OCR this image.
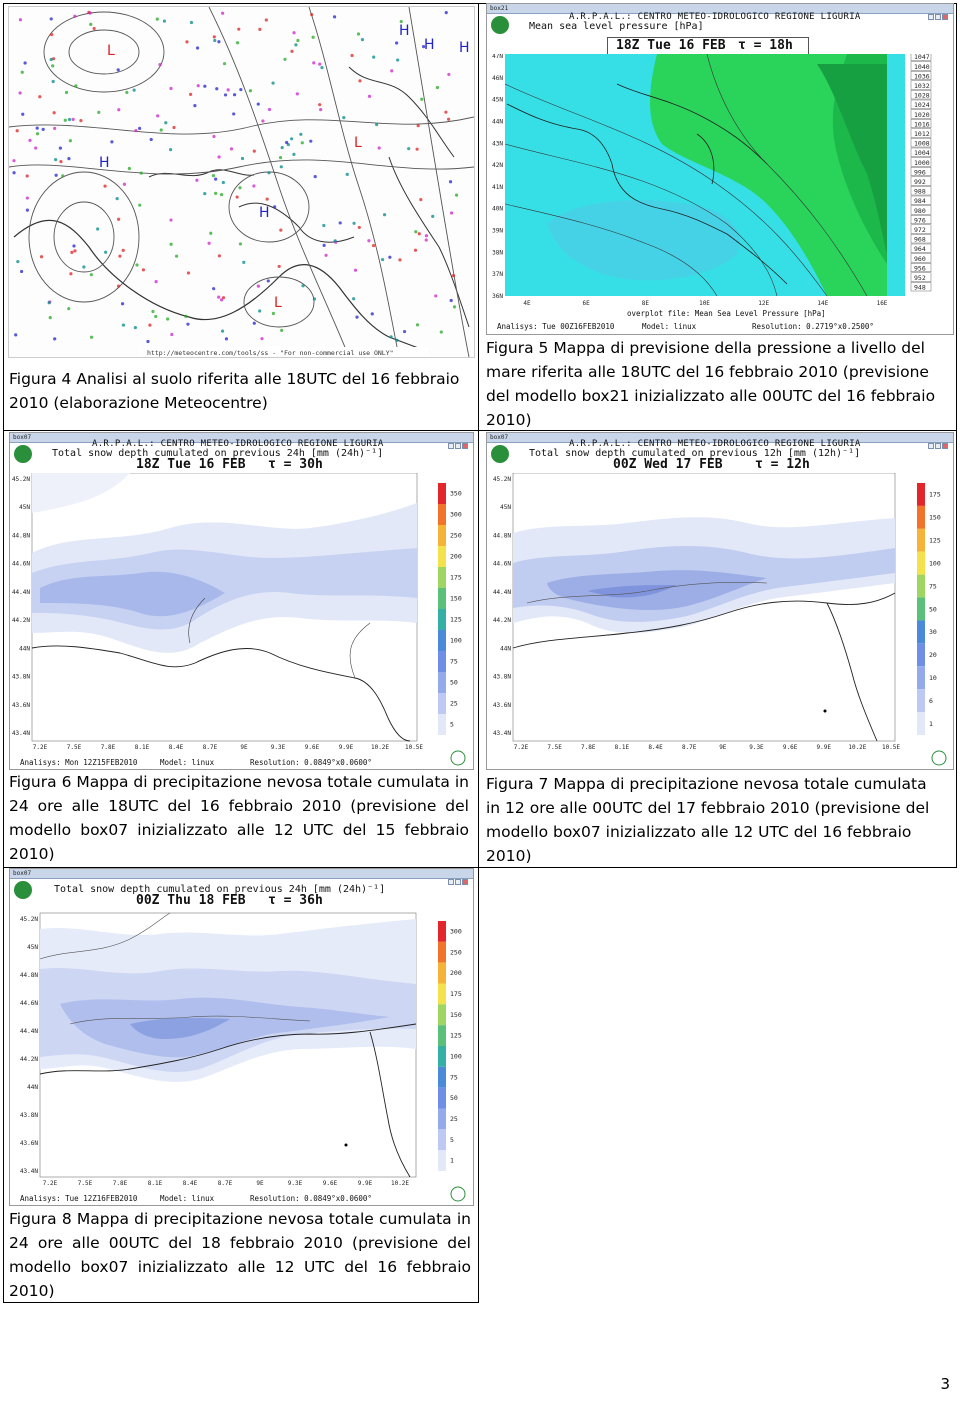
L
H
H
L
H
H H
L
http://meteocentre.com/tools/ss - "For non-commercial use ONLY"
Figura 4 Analisi al suolo riferita alle 18UTC del 16 febbraio 2010 (elaborazione Meteocentre)
box21
A.R.P.A.L.: CENTRO METEO-IDROLOGICO REGIONE LIGURIA
Mean sea level pressure [hPa]
18Z Tue 16 FEB τ = 18h
47N
46N
45N
44N
43N
42N
41N
40N
39N
38N
37N
36N
4E	6E	8E	10E	12E	14E	16E
1047
1040
1036
1032
1028
1024
1020
1016
1012
1008
1004
1000
996
992
988
984
980
976
972
968
964
960
956
952
948
overplot file: Mean Sea Level Pressure [hPa]
Analisys: Tue 00Z16FEB2010	Model: linux	Resolution: 0.2719°x0.2500°
Figura 5 Mappa di previsione della pressione a livello del mare riferita alle 18UTC del 16 febbraio 2010 (previsione del modello box21 inizializzato alle 00UTC del 16 febbraio 2010)
box07
A.R.P.A.L.: CENTRO METEO-IDROLOGICO REGIONE LIGURIA
Total snow depth cumulated on previous 24h [mm (24h)⁻¹]
18Z Tue 16 FEB τ = 30h
45.2N
45N
44.8N
44.6N
44.4N
44.2N
44N
43.8N
43.6N
43.4N
7.2E	7.5E	7.8E	8.1E	8.4E	8.7E	9E	9.3E	9.6E	9.9E	10.2E	10.5E
350
300
250
200
175
150
125
100
75
50
25
5
Analisys: Mon 12Z15FEB2010	Model: linux	Resolution: 0.0849°x0.0600°
Figura 6 Mappa di precipitazione nevosa totale cumulata in 24 ore alle 18UTC del 16 febbraio 2010 (previsione del modello box07 inizializzato alle 12 UTC del 15 febbraio 2010)
box07
A.R.P.A.L.: CENTRO METEO-IDROLOGICO REGIONE LIGURIA
Total snow depth cumulated on previous 12h [mm (12h)⁻¹]
00Z Wed 17 FEB τ = 12h
45.2N
45N
44.8N
44.6N
44.4N
44.2N
44N
43.8N
43.6N
43.4N
7.2E	7.5E	7.8E	8.1E	8.4E	8.7E	9E	9.3E	9.6E	9.9E	10.2E	10.5E
175
150
125
100
75
50
30
20
10
6
1
Figura 7 Mappa di precipitazione nevosa totale cumulata in 12 ore alle 00UTC del 17 febbraio 2010 (previsione del modello box07 inizializzato alle 12 UTC del 16 febbraio 2010)
box07
Total snow depth cumulated on previous 24h [mm (24h)⁻¹]
00Z Thu 18 FEB τ = 36h
45.2N
45N
44.8N
44.6N
44.4N
44.2N
44N
43.8N
43.6N
43.4N
7.2E	7.5E	7.8E	8.1E	8.4E	8.7E	9E	9.3E	9.6E	9.9E	10.2E
300
250
200
175
150
125
100
75
50
25
5
1
Analisys: Tue 12Z16FEB2010	Model: linux	Resolution: 0.0849°x0.0600°
Figura 8 Mappa di precipitazione nevosa totale cumulata in 24 ore alle 00UTC del 18 febbraio 2010 (previsione del modello box07 inizializzato alle 12 UTC del 16 febbraio 2010)
3
